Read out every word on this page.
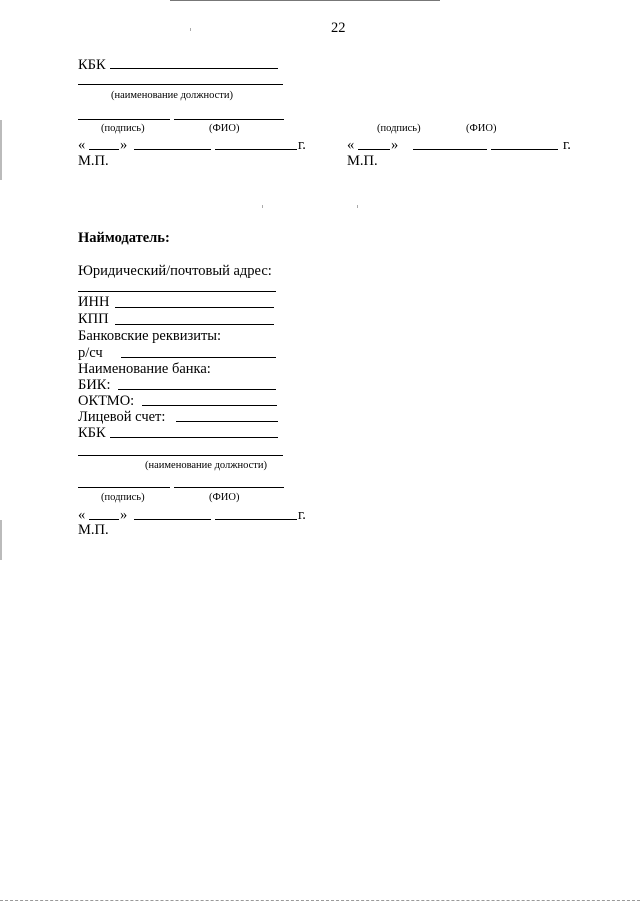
22
КБК
(наименование должности)
(подпись)	(ФИО)
« »	г.
М.П.
(подпись)	(ФИО)
«	»	г.
М.П.
Наймодатель:
Юридический/почтовый адрес:
ИНН
КПП
Банковские реквизиты:
р/сч
Наименование банка:
БИК:
ОКТМО:
Лицевой счет:
КБК
(наименование должности)
(подпись)	(ФИО)
« »	г.
М.П.
